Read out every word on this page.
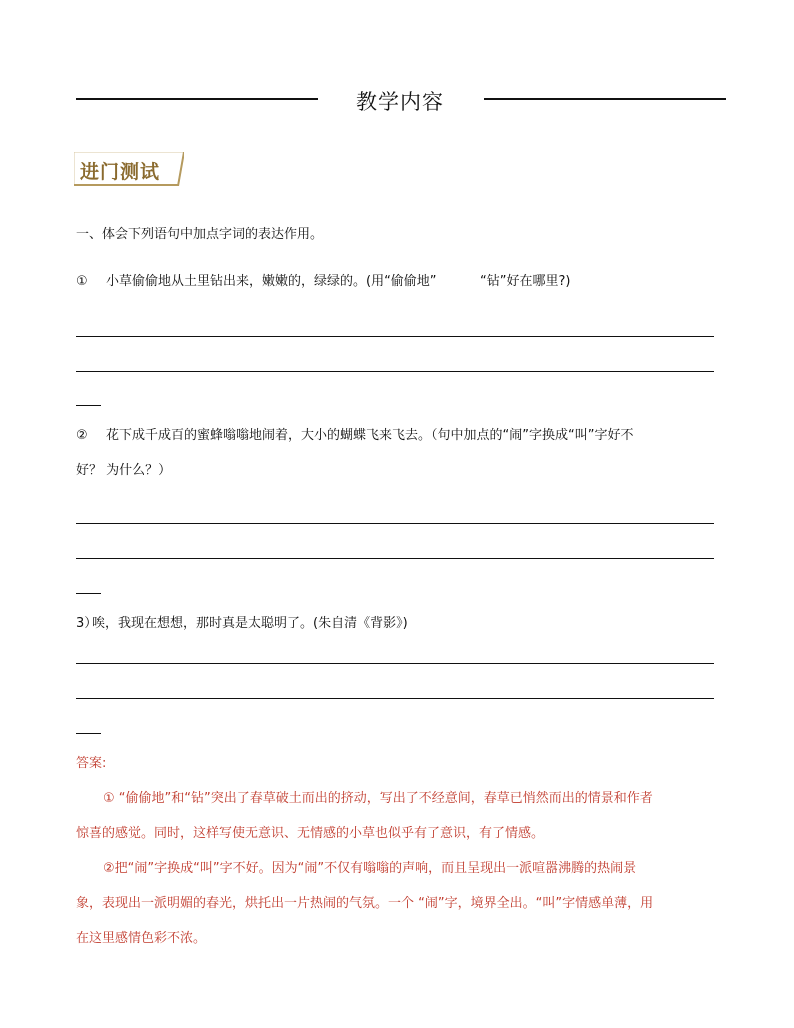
教学内容
进门测试
一、体会下列语句中加点字词的表达作用。
① 小草偷偷地从土里钻出来，嫩嫩的，绿绿的。(用“偷偷地”	“钻”好在哪里?)
② 花下成千成百的蜜蜂嗡嗡地闹着，大小的蝴蝶飞来飞去。（句中加点的“闹”字换成“叫”字好不
好？ 为什么？）
3）
唉，我现在想想，那时真是太聪明了。(朱自清《背影》)
答案:
① “偷偷地”和“钻”突出了春草破土而出的挤动，写出了不经意间，春草已悄然而出的情景和作者
惊喜的感觉。同时，这样写使无意识、无情感的小草也似乎有了意识，有了情感。
②把“闹”字换成“叫”字不好。因为“闹”不仅有嗡嗡的声响，而且呈现出一派喧嚣沸腾的热闹景
象，表现出一派明媚的春光，烘托出一片热闹的气氛。一个 “闹”字，境界全出。“叫”字情感单薄，用
在这里感情色彩不浓。
